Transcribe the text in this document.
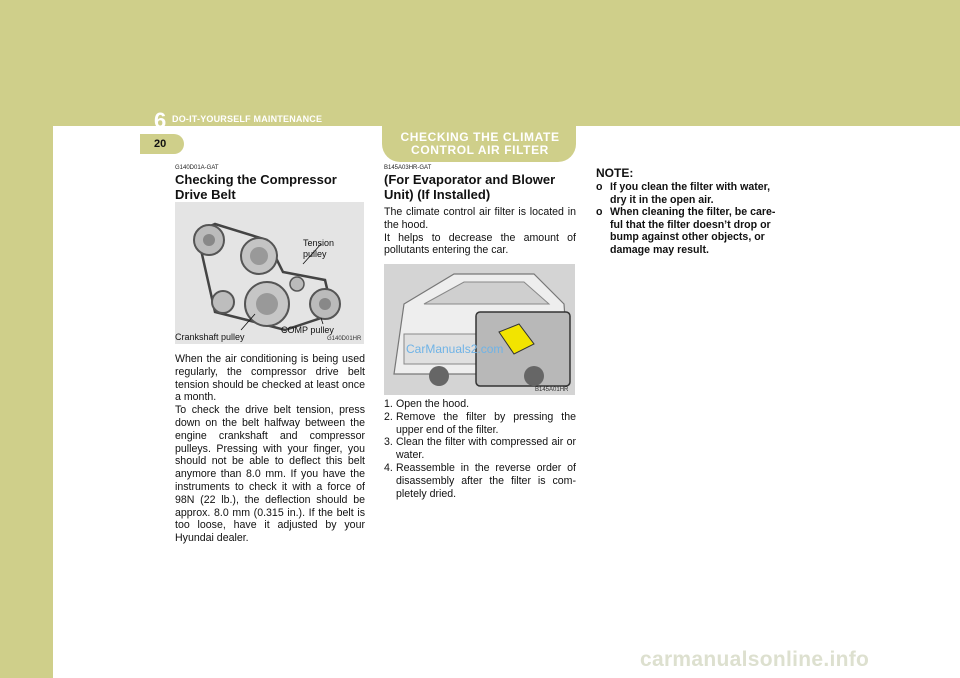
6 DO-IT-YOURSELF MAINTENANCE
20	CHECKING THE CLIMATE CONTROL AIR FILTER
G140D01A-GAT
Checking the Compressor Drive Belt
Tension pulley
Crankshaft pulley
COMP pulley
G140D01HR

When the air conditioning is being used regularly, the compressor drive belt tension should be checked at least once a month.

To check the drive belt tension, press down on the belt halfway between the engine crankshaft and compressor pulleys. Pressing with your finger, you should not be able to deflect this belt anymore than 8.0 mm. If you have the instruments to check it with a force of 98N (22 lb.), the deflection should be approx. 8.0 mm (0.315 in.). If the belt is too loose, have it adjusted by your Hyundai dealer.

B145A03HR-GAT
(For Evaporator and Blower Unit) (If Installed)

The climate control air filter is located in the hood.

It helps to decrease the amount of pollutants entering the car.

CarManuals2.com
B145A01HR
1. Open the hood.
2. Remove the filter by pressing the upper end of the filter.
3. Clean the filter with compressed air or water.
4. Reassemble in the reverse order of disassembly after the filter is com-pletely dried.
NOTE:
o If you clean the filter with water, dry it in the open air.
o When cleaning the filter, be care-ful that the filter doesn’t drop or bump against other objects, or damage may result.
carmanualsonline.info
